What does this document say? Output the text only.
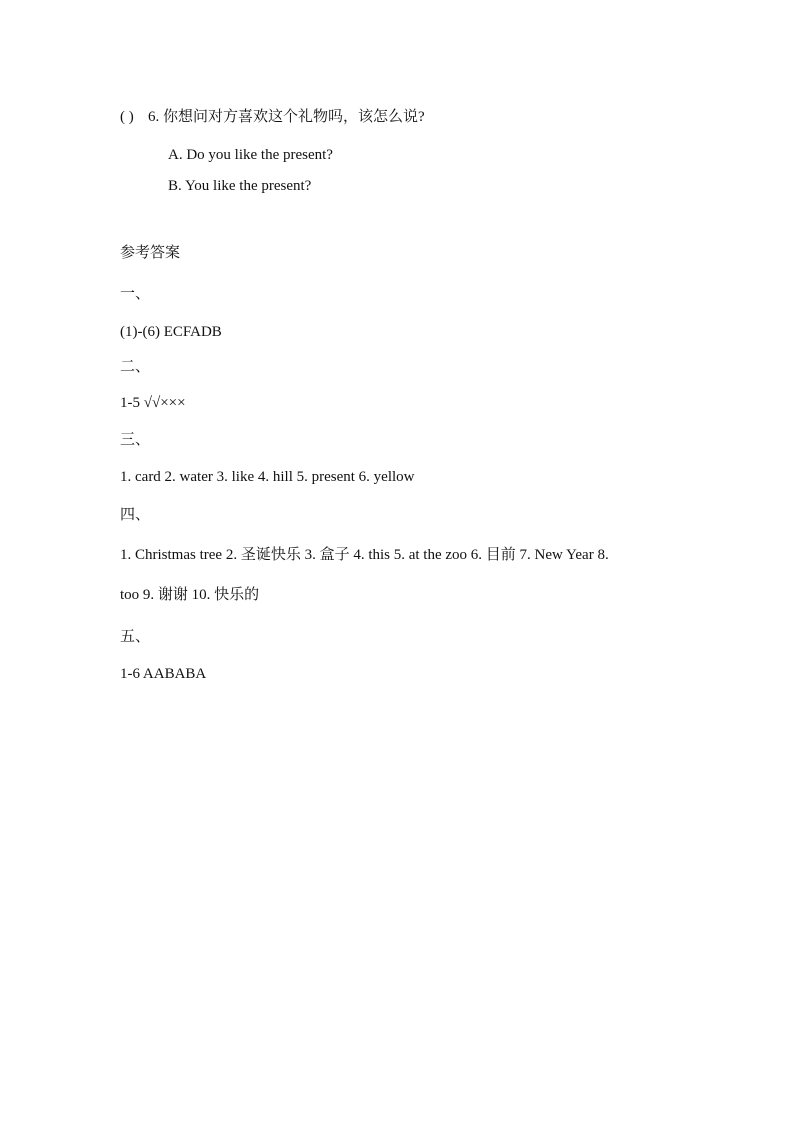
( ) 6. 你想问对方喜欢这个礼物吗，该怎么说?
A. Do you like the present?
B. You like the present?
参考答案
一、
(1)-(6) ECFADB
二、
1-5 √√×××
三、
1. card 2. water 3. like 4. hill 5. present 6. yellow
四、
1. Christmas tree 2. 圣诞快乐 3. 盒子 4. this 5. at the zoo 6. 目前 7. New Year 8.
too 9. 谢谢 10. 快乐的
五、
1-6 AABABA
